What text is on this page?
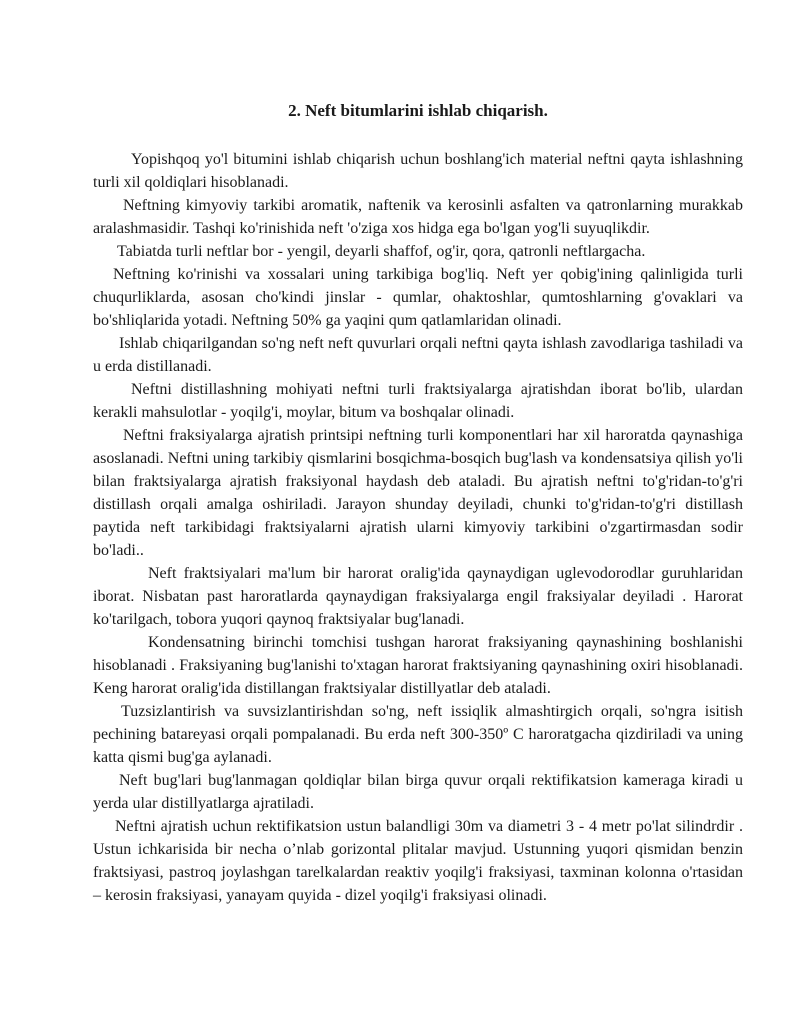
2. Neft bitumlarini ishlab chiqarish.

Yopishqoq yo'l bitumini ishlab chiqarish uchun boshlang'ich material neftni qayta ishlashning turli xil qoldiqlari hisoblanadi.

Neftning kimyoviy tarkibi aromatik, naftenik va kerosinli asfalten va qatronlarning murakkab aralashmasidir. Tashqi ko'rinishida neft 'o'ziga xos hidga ega bo'lgan yog'li suyuqlikdir.

Tabiatda turli neftlar bor - yengil, deyarli shaffof, og'ir, qora, qatronli neftlargacha.

Neftning ko'rinishi va xossalari uning tarkibiga bog'liq. Neft yer qobig'ining qalinligida turli chuqurliklarda, asosan cho'kindi jinslar - qumlar, ohaktoshlar, qumtoshlarning g'ovaklari va bo'shliqlarida yotadi. Neftning 50% ga yaqini qum qatlamlaridan olinadi.

Ishlab chiqarilgandan so'ng neft neft quvurlari orqali neftni qayta ishlash zavodlariga tashiladi va u erda distillanadi.

Neftni distillashning mohiyati neftni turli fraktsiyalarga ajratishdan iborat bo'lib, ulardan kerakli mahsulotlar - yoqilg'i, moylar, bitum va boshqalar olinadi.

Neftni fraksiyalarga ajratish printsipi neftning turli komponentlari har xil haroratda qaynashiga asoslanadi. Neftni uning tarkibiy qismlarini bosqichma-bosqich bug'lash va kondensatsiya qilish yo'li bilan fraktsiyalarga ajratish fraksiyonal haydash deb ataladi. Bu ajratish neftni to'g'ridan-to'g'ri distillash orqali amalga oshiriladi. Jarayon shunday deyiladi, chunki to'g'ridan-to'g'ri distillash paytida neft tarkibidagi fraktsiyalarni ajratish ularni kimyoviy tarkibini o'zgartirmasdan sodir bo'ladi..

Neft fraktsiyalari ma'lum bir harorat oralig'ida qaynaydigan uglevodorodlar guruhlaridan iborat. Nisbatan past haroratlarda qaynaydigan fraksiyalarga engil fraksiyalar deyiladi . Harorat ko'tarilgach, tobora yuqori qaynoq fraktsiyalar bug'lanadi.

Kondensatning birinchi tomchisi tushgan harorat fraksiyaning qaynashining boshlanishi hisoblanadi . Fraksiyaning bug'lanishi to'xtagan harorat fraktsiyaning qaynashining oxiri hisoblanadi. Keng harorat oralig'ida distillangan fraktsiyalar distillyatlar deb ataladi.

Tuzsizlantirish va suvsizlantirishdan so'ng, neft issiqlik almashtirgich orqali, so'ngra isitish pechining batareyasi orqali pompalanadi. Bu erda neft 300-350º C haroratgacha qizdiriladi va uning katta qismi bug'ga aylanadi.

Neft bug'lari bug'lanmagan qoldiqlar bilan birga quvur orqali rektifikatsion kameraga kiradi u yerda ular distillyatlarga ajratiladi.

Neftni ajratish uchun rektifikatsion ustun balandligi 30m va diametri 3 - 4 metr po'lat silindrdir . Ustun ichkarisida bir necha o’nlab gorizontal plitalar mavjud. Ustunning yuqori qismidan benzin fraktsiyasi, pastroq joylashgan tarelkalardan reaktiv yoqilg'i fraksiyasi, taxminan kolonna o'rtasidan – kerosin fraksiyasi, yanayam quyida - dizel yoqilg'i fraksiyasi olinadi.
